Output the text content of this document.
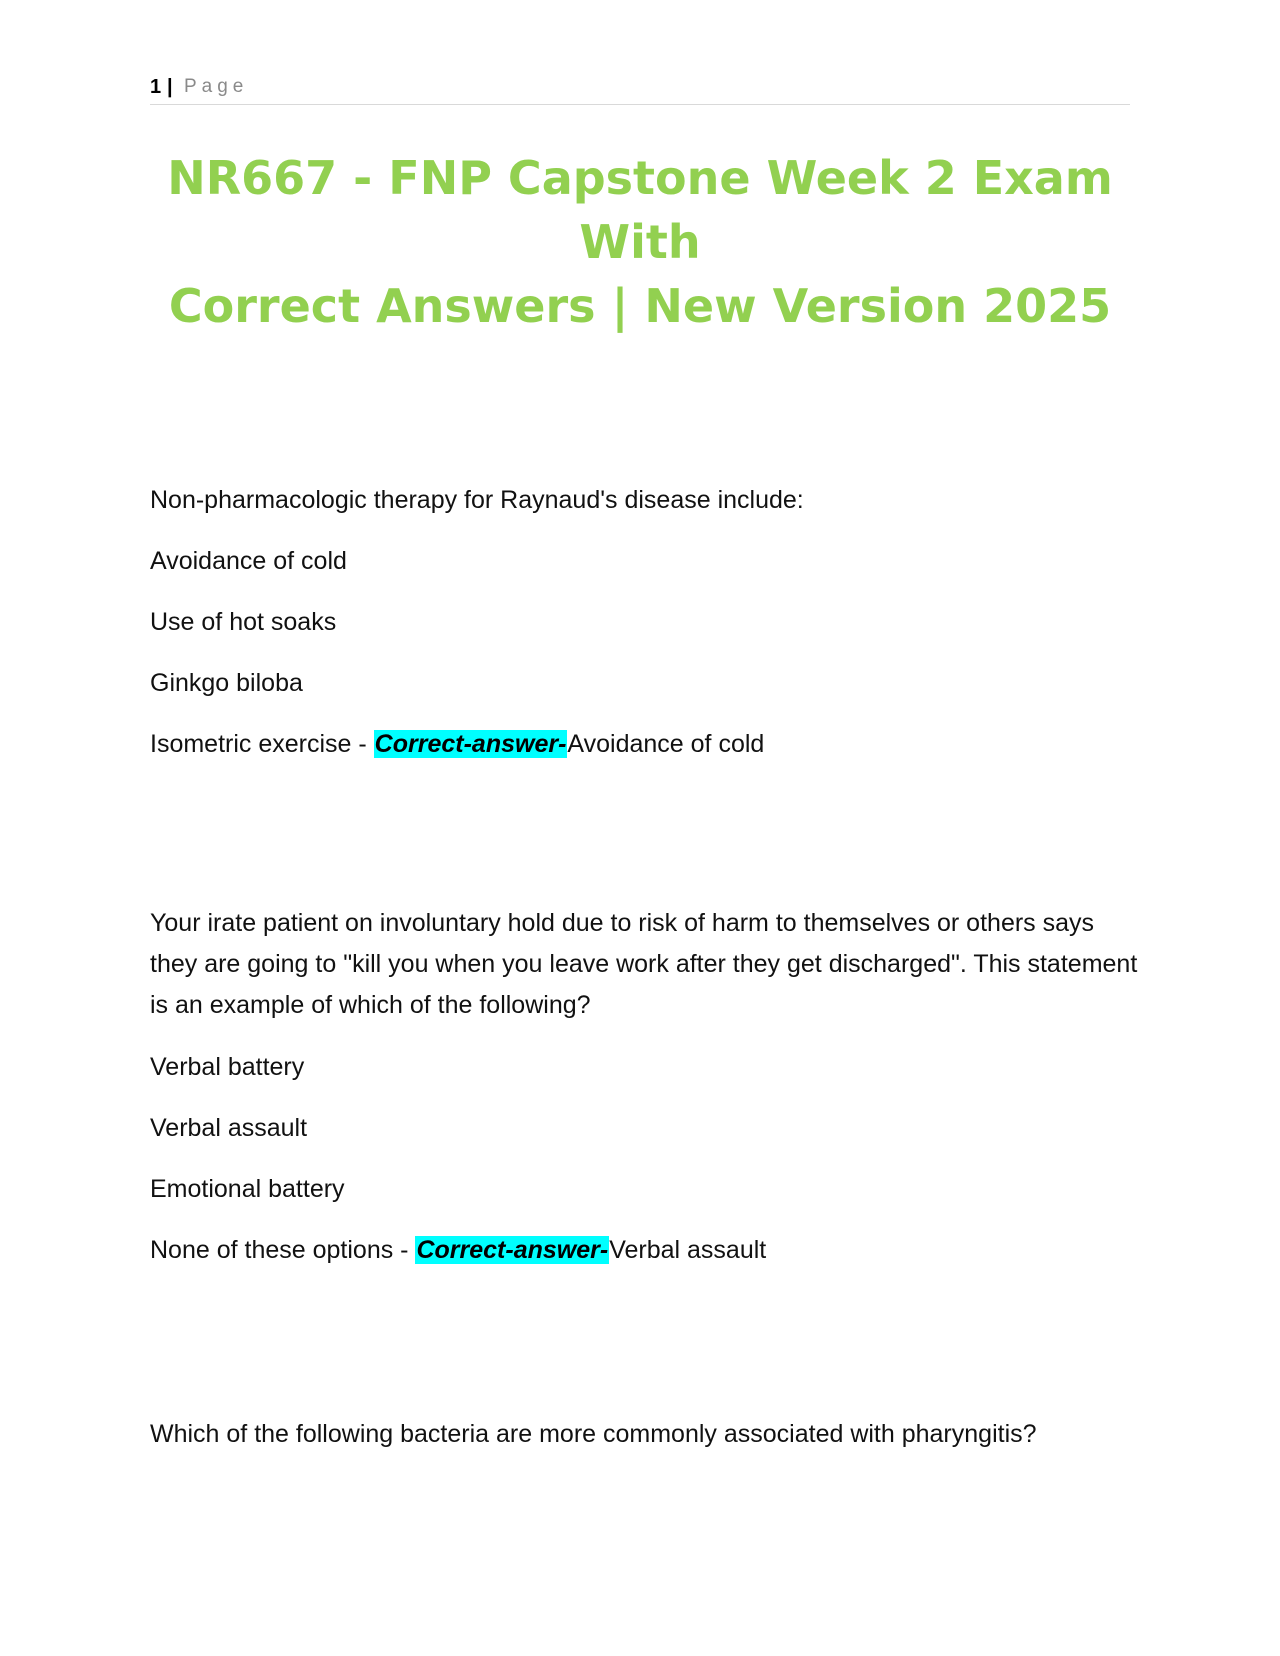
1 | Page
NR667 - FNP Capstone Week 2 Exam With
Correct Answers | New Version 2025
Non-pharmacologic therapy for Raynaud's disease include:
Avoidance of cold
Use of hot soaks
Ginkgo biloba
Isometric exercise - Correct-answer-Avoidance of cold
Your irate patient on involuntary hold due to risk of harm to themselves or others says they are going to "kill you when you leave work after they get discharged". This statement is an example of which of the following?
Verbal battery
Verbal assault
Emotional battery
None of these options - Correct-answer-Verbal assault
Which of the following bacteria are more commonly associated with pharyngitis?
